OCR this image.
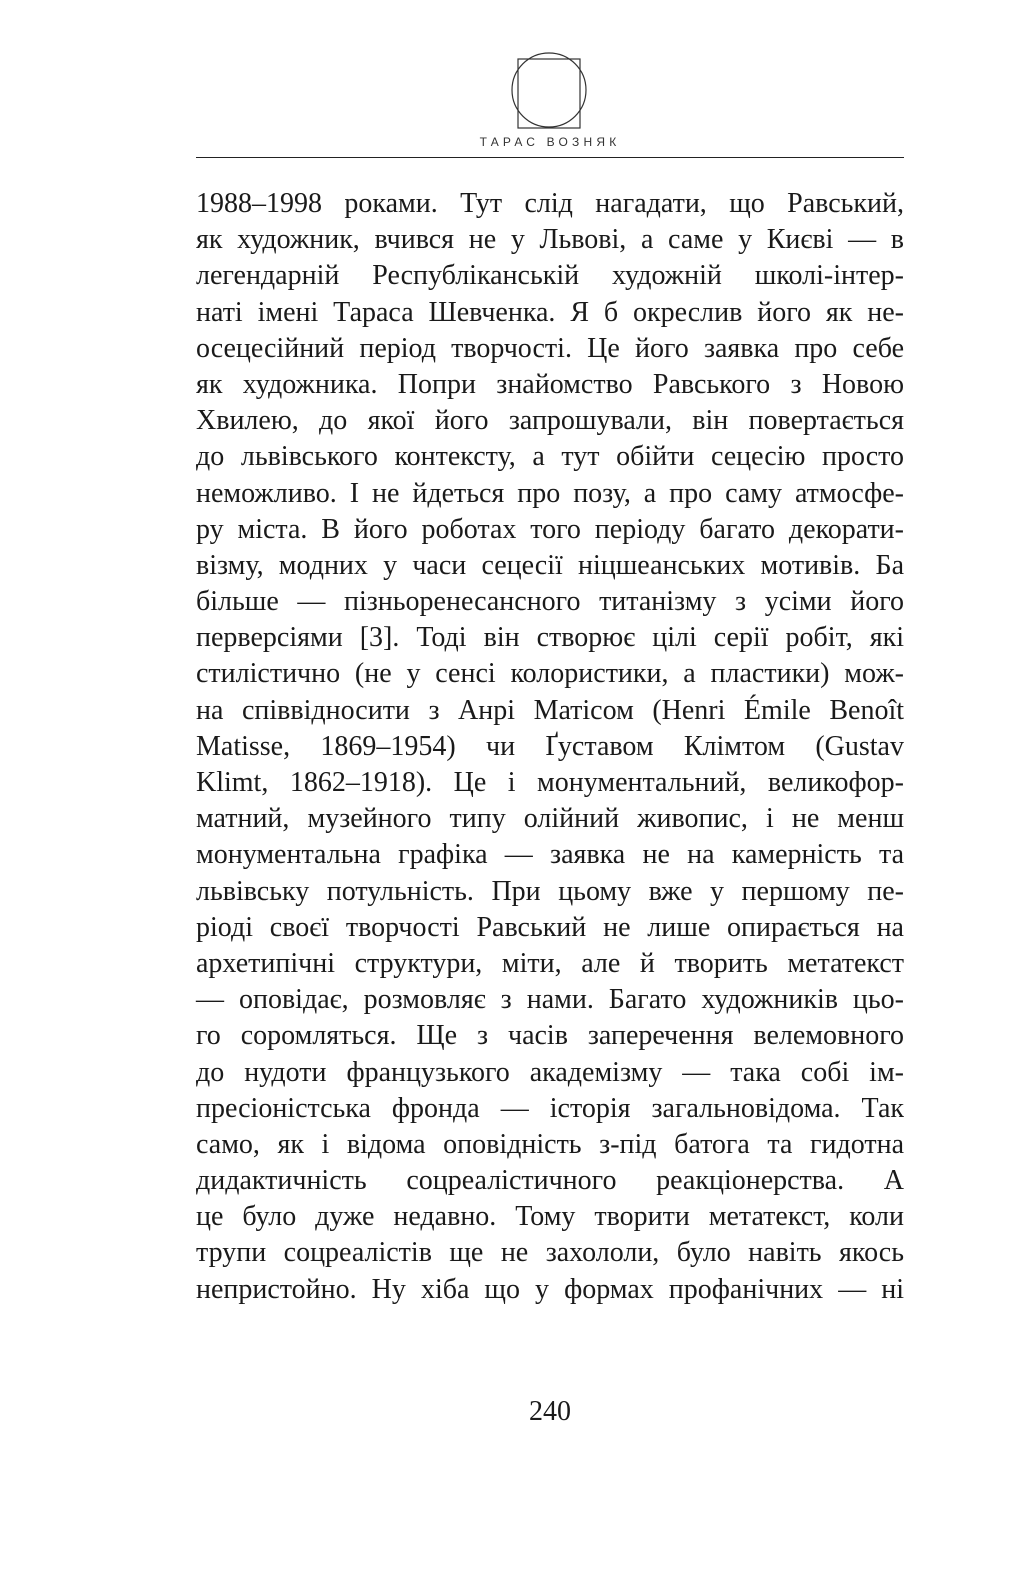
ТАРАС ВОЗНЯК
1988–1998 роками. Тут слід нагадати, що Равський,
як художник, вчився не у Львові, а саме у Києві — в
легендарній Республіканській художній школі-інтер-
наті імені Тараса Шевченка. Я б окреслив його як не-
осецесійний період творчості. Це його заявка про себе
як художника. Попри знайомство Равського з Новою
Хвилею, до якої його запрошували, він повертається
до львівського контексту, а тут обійти сецесію просто
неможливо. І не йдеться про позу, а про саму атмосфе-
ру міста. В його роботах того періоду багато декорати-
візму, модних у часи сецесії ніцшеанських мотивів. Ба
більше — пізньоренесансного титанізму з усіми його
перверсіями [3]. Тоді він створює цілі серії робіт, які
стилістично (не у сенсі колористики, а пластики) мож-
на співвідносити з Анрі Матісом (Henri Émile Benoît
Matisse, 1869–1954) чи Ґуставом Клімтом (Gustav
Klimt, 1862–1918). Це і монументальний, великофор-
матний, музейного типу олійний живопис, і не менш
монументальна графіка — заявка не на камерність та
львівську потульність. При цьому вже у першому пе-
ріоді своєї творчості Равський не лише опирається на
архетипічні структури, міти, але й творить метатекст
— оповідає, розмовляє з нами. Багато художників цьо-
го соромляться. Ще з часів заперечення велемовного
до нудоти французького академізму — така собі ім-
пресіоністська фронда — історія загальновідома. Так
само, як і відома оповідність з-під батога та гидотна
дидактичність соцреалістичного реакціонерства. А
це було дуже недавно. Тому творити метатекст, коли
трупи соцреалістів ще не захололи, було навіть якось
непристойно. Ну хіба що у формах профанічних — ні
240
